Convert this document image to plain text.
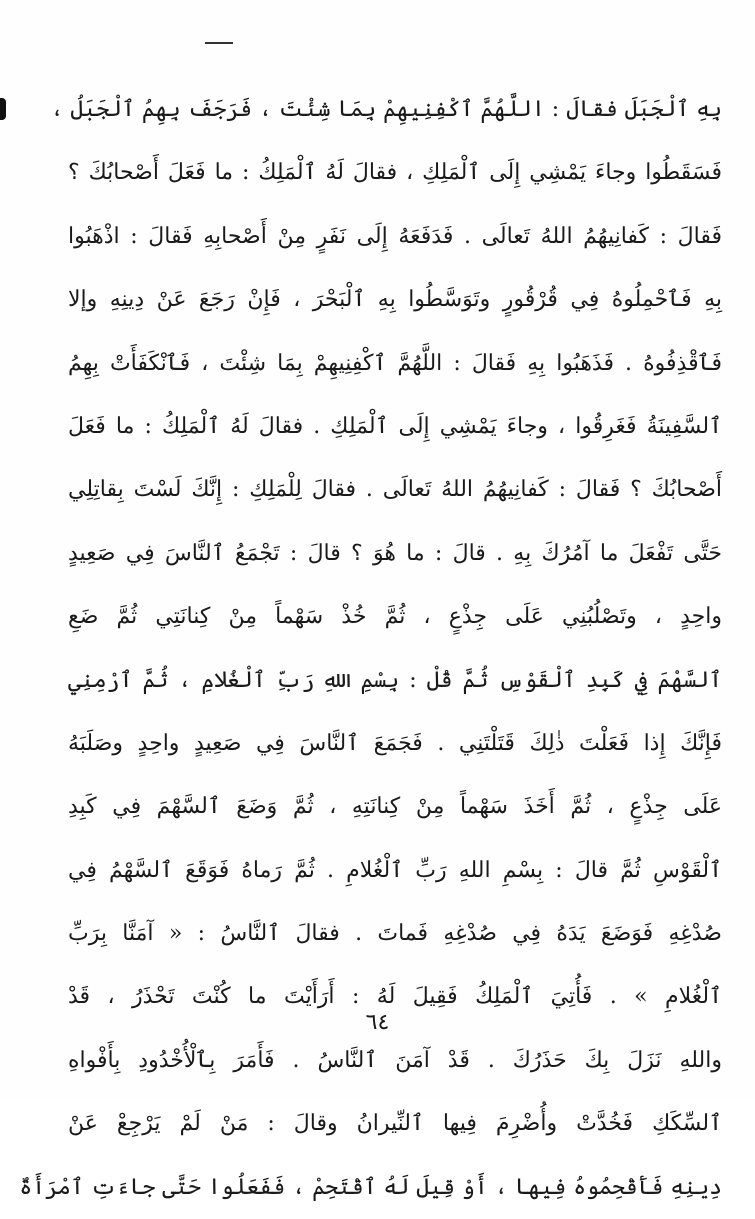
بِهِ ٱلْجَبَلَ فقالَ : اللَّهُمَّ ٱكْفِنِيهِمْ بِمَا شِئْتَ ، فَرَجَفَ بِهِمُ ٱلْجَبَلُ ،
فَسَقَطُوا وجاءَ يَمْشِي إِلَى ٱلْمَلِكِ ، فقالَ لَهُ ٱلْمَلِكُ : ما فَعَلَ أَصْحابُكَ ؟
فَقالَ : كَفانِيهُمُ اللهُ تَعالَى . فَدَفَعَهُ إِلَى نَفَرٍ مِنْ أَصْحابِهِ فَقالَ : اذْهَبُوا
بِهِ فَٱحْمِلُوهُ فِي قُرْقُورٍ وتَوَسَّطُوا بِهِ ٱلْبَحْرَ ، فَإِنْ رَجَعَ عَنْ دِينِهِ وإلا
فَٱقْذِفُوهُ . فَذَهَبُوا بِهِ فَقالَ : اللَّهُمَّ ٱكْفِنِيهِمْ بِمَا شِئْتَ ، فَٱنْكَفَأَتْ بِهِمُ
ٱلسَّفِينَةُ فَغَرِقُوا ، وجاءَ يَمْشِي إِلَى ٱلْمَلِكِ . فقالَ لَهُ ٱلْمَلِكُ : ما فَعَلَ
أَصْحابُكَ ؟ فَقالَ : كَفانِيهُمُ اللهُ تَعالَى . فقالَ لِلْمَلِكِ : إِنَّكَ لَسْتَ بِقاتِلِي
حَتَّى تَفْعَلَ ما آمُرُكَ بِهِ . قالَ : ما هُوَ ؟ قالَ : تَجْمَعُ ٱلنَّاسَ فِي صَعِيدٍ
واحِدٍ ، وتَصْلُبُنِي عَلَى جِذْعٍ ، ثُمَّ خُذْ سَهْماً مِنْ كِنانَتِي ثُمَّ ضَعِ
ٱلسَّهْمَ فِي كَبِدِ ٱلْقَوْسِ ثُمَّ قُلْ : بِسْمِ اللهِ رَبِّ ٱلْغُلامِ ، ثُمَّ ٱرْمِنِي
فَإِنَّكَ إِذا فَعَلْتَ ذٰلِكَ قَتَلْتَنِي . فَجَمَعَ ٱلنَّاسَ فِي صَعِيدٍ واحِدٍ وصَلَبَهُ
عَلَى جِذْعٍ ، ثُمَّ أَخَذَ سَهْماً مِنْ كِنانَتِهِ ، ثُمَّ وَضَعَ ٱلسَّهْمَ فِي كَبِدِ
ٱلْقَوْسِ ثُمَّ قالَ : بِسْمِ اللهِ رَبِّ ٱلْغُلامِ . ثُمَّ رَماهُ فَوَقَعَ ٱلسَّهْمُ فِي
صُدْغِهِ فَوَضَعَ يَدَهُ فِي صُدْغِهِ فَماتَ . فقالَ ٱلنَّاسُ : « آمَنَّا بِرَبِّ
ٱلْغُلامِ » . فَأُتِيَ ٱلْمَلِكُ فَقِيلَ لَهُ : أَرَأَيْتَ ما كُنْتَ تَحْذَرُ ، قَدْ
واللهِ نَزَلَ بِكَ حَذَرُكَ . قَدْ آمَنَ ٱلنَّاسُ . فَأَمَرَ بِٱلْأُخْدُودِ بِأَفْواهِ
ٱلسِّكَكِ فَخُدَّتْ وأُضْرِمَ فِيها ٱلنِّيرانُ وقالَ : مَنْ لَمْ يَرْجِعْ عَنْ
دِينِهِ فَأَقْحِمُوهُ فِيها ، أَوْ قِيلَ لَهُ ٱقْتَحِمْ ، فَفَعَلُوا حَتَّى جاءَتِ ٱمْرَأَةٌ
٦٤
